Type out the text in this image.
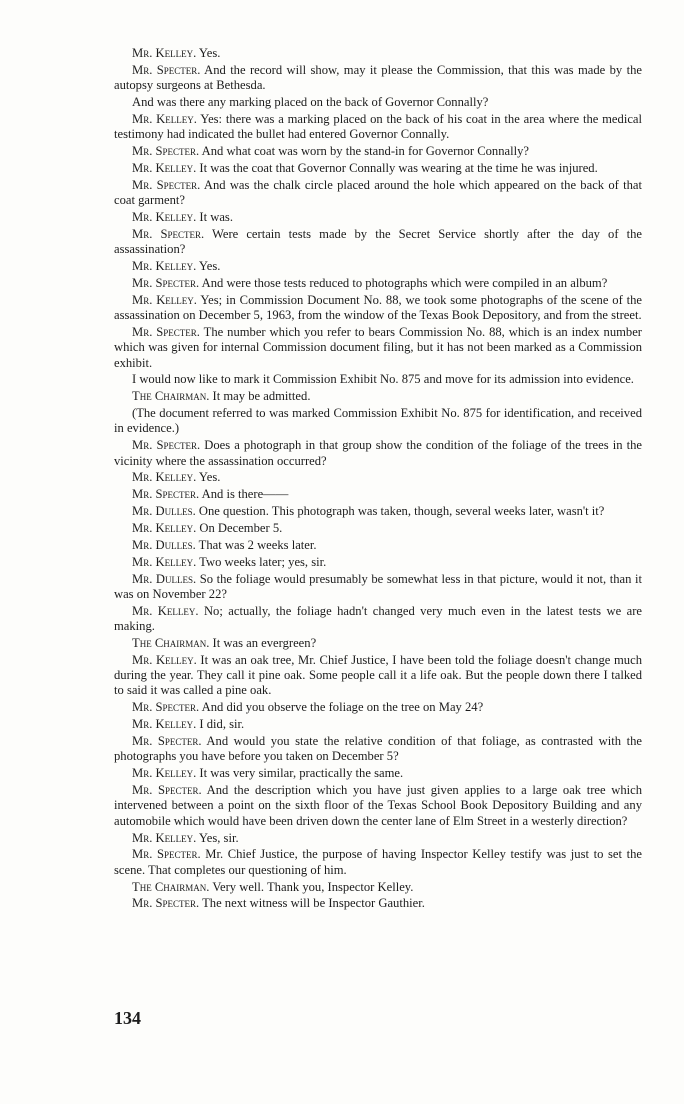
Mr. Kelley. Yes.

Mr. Specter. And the record will show, may it please the Commission, that this was made by the autopsy surgeons at Bethesda.

And was there any marking placed on the back of Governor Connally?

Mr. Kelley. Yes: there was a marking placed on the back of his coat in the area where the medical testimony had indicated the bullet had entered Governor Connally.

Mr. Specter. And what coat was worn by the stand-in for Governor Connally?

Mr. Kelley. It was the coat that Governor Connally was wearing at the time he was injured.

Mr. Specter. And was the chalk circle placed around the hole which appeared on the back of that coat garment?

Mr. Kelley. It was.

Mr. Specter. Were certain tests made by the Secret Service shortly after the day of the assassination?

Mr. Kelley. Yes.

Mr. Specter. And were those tests reduced to photographs which were compiled in an album?

Mr. Kelley. Yes; in Commission Document No. 88, we took some photographs of the scene of the assassination on December 5, 1963, from the window of the Texas Book Depository, and from the street.

Mr. Specter. The number which you refer to bears Commission No. 88, which is an index number which was given for internal Commission document filing, but it has not been marked as a Commission exhibit.

I would now like to mark it Commission Exhibit No. 875 and move for its admission into evidence.

The Chairman. It may be admitted.

(The document referred to was marked Commission Exhibit No. 875 for identification, and received in evidence.)

Mr. Specter. Does a photograph in that group show the condition of the foliage of the trees in the vicinity where the assassination occurred?

Mr. Kelley. Yes.

Mr. Specter. And is there——

Mr. Dulles. One question. This photograph was taken, though, several weeks later, wasn't it?

Mr. Kelley. On December 5.

Mr. Dulles. That was 2 weeks later.

Mr. Kelley. Two weeks later; yes, sir.

Mr. Dulles. So the foliage would presumably be somewhat less in that picture, would it not, than it was on November 22?

Mr. Kelley. No; actually, the foliage hadn't changed very much even in the latest tests we are making.

The Chairman. It was an evergreen?

Mr. Kelley. It was an oak tree, Mr. Chief Justice, I have been told the foliage doesn't change much during the year. They call it pine oak. Some people call it a life oak. But the people down there I talked to said it was called a pine oak.

Mr. Specter. And did you observe the foliage on the tree on May 24?

Mr. Kelley. I did, sir.

Mr. Specter. And would you state the relative condition of that foliage, as contrasted with the photographs you have before you taken on December 5?

Mr. Kelley. It was very similar, practically the same.

Mr. Specter. And the description which you have just given applies to a large oak tree which intervened between a point on the sixth floor of the Texas School Book Depository Building and any automobile which would have been driven down the center lane of Elm Street in a westerly direction?

Mr. Kelley. Yes, sir.

Mr. Specter. Mr. Chief Justice, the purpose of having Inspector Kelley testify was just to set the scene. That completes our questioning of him.

The Chairman. Very well. Thank you, Inspector Kelley.

Mr. Specter. The next witness will be Inspector Gauthier.

134
